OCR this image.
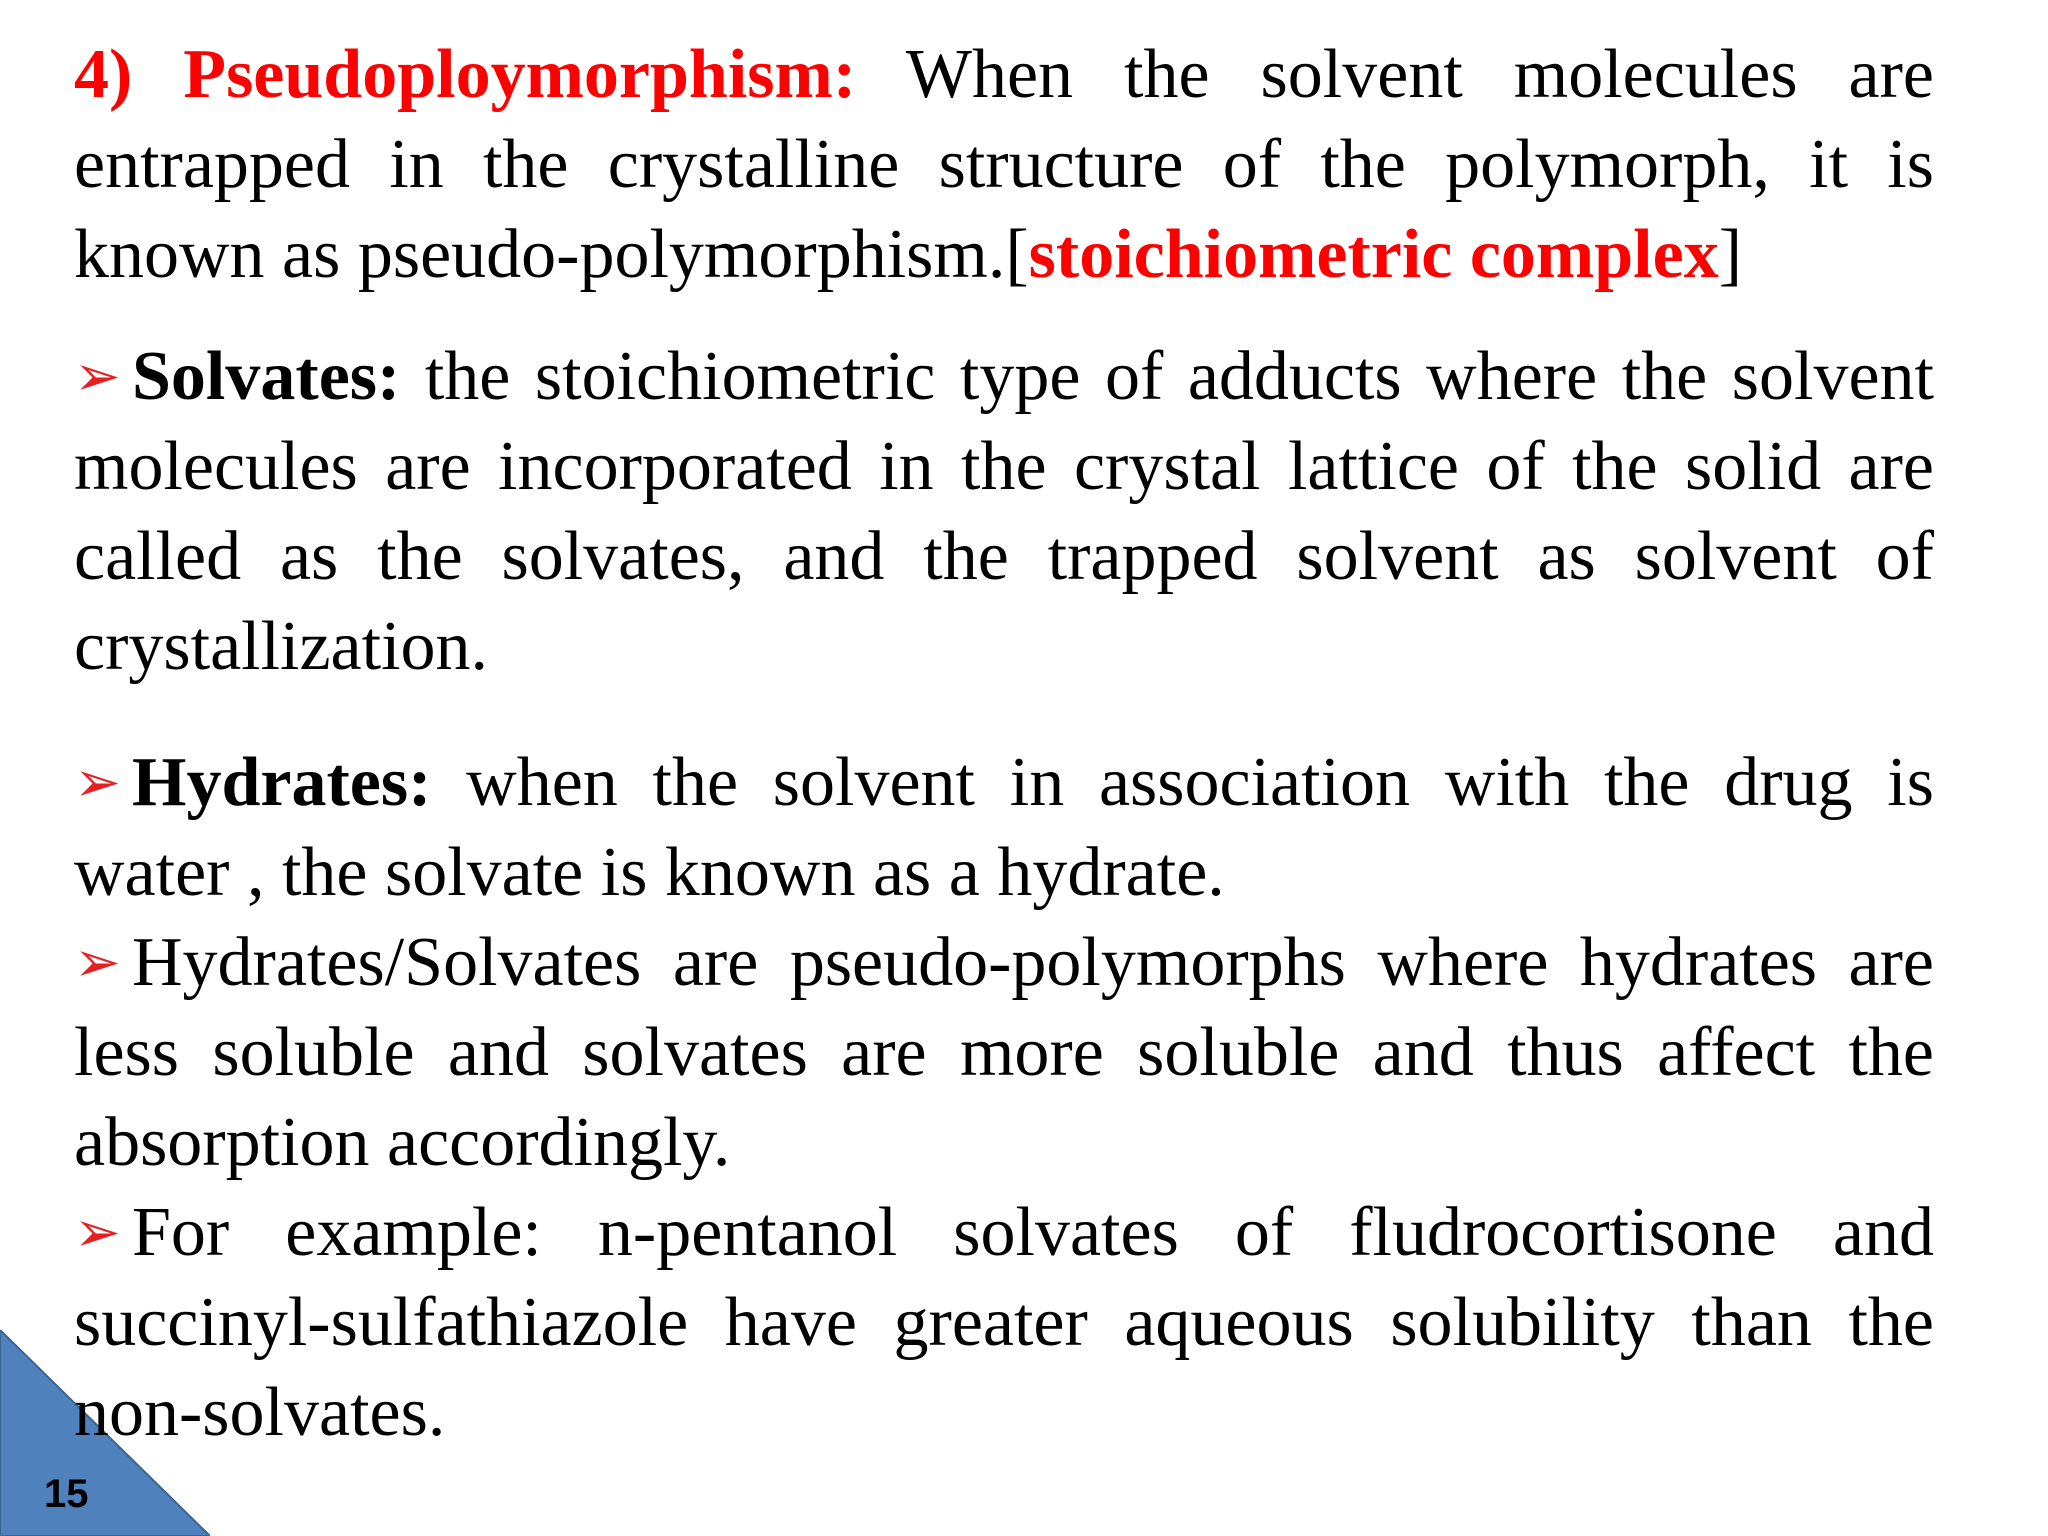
15

4) Pseudoploymorphism: When the solvent molecules are entrapped in the crystalline structure of the polymorph, it is known as pseudo-polymorphism.[stoichiometric complex]

➢ Solvates: the stoichiometric type of adducts where the solvent molecules are incorporated in the crystal lattice of the solid are called as the solvates, and the trapped solvent as solvent of crystallization.

➢ Hydrates: when the solvent in association with the drug is water , the solvate is known as a hydrate.

➢ Hydrates/Solvates are pseudo-polymorphs where hydrates are less soluble and solvates are more soluble and thus affect the absorption accordingly.

➢ For example: n-pentanol solvates of fludrocortisone and succinyl-sulfathiazole have greater aqueous solubility than the non-solvates.
